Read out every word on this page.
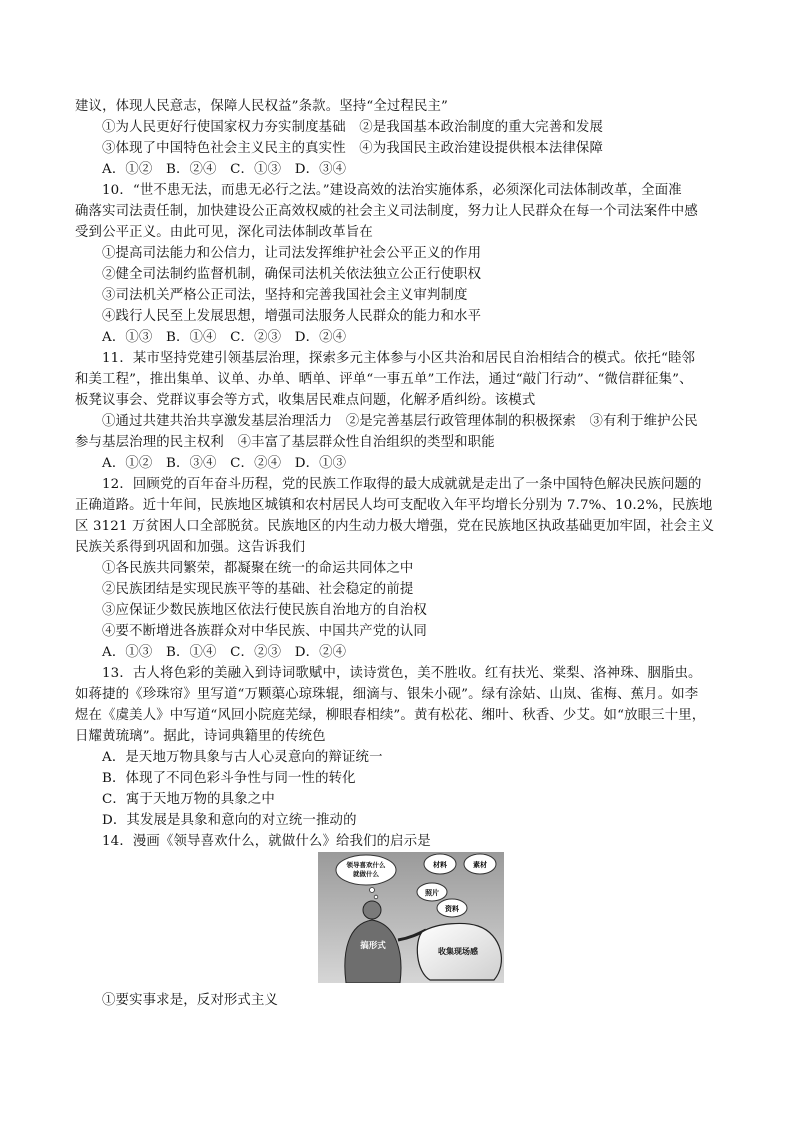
建议，体现人民意志，保障人民权益”条款。坚持“全过程民主”
①为人民更好行使国家权力夯实制度基础　②是我国基本政治制度的重大完善和发展
③体现了中国特色社会主义民主的真实性　④为我国民主政治建设提供根本法律保障
A．①②　B．②④　C．①③　D．③④
10．“世不患无法，而患无必行之法。”建设高效的法治实施体系，必须深化司法体制改革，全面准
确落实司法责任制，加快建设公正高效权威的社会主义司法制度，努力让人民群众在每一个司法案件中感
受到公平正义。由此可见，深化司法体制改革旨在
①提高司法能力和公信力，让司法发挥维护社会公平正义的作用
②健全司法制约监督机制，确保司法机关依法独立公正行使职权
③司法机关严格公正司法，坚持和完善我国社会主义审判制度
④践行人民至上发展思想，增强司法服务人民群众的能力和水平
A．①③　B．①④　C．②③　D．②④
11．某市坚持党建引领基层治理，探索多元主体参与小区共治和居民自治相结合的模式。依托“睦邻
和美工程”，推出集单、议单、办单、晒单、评单“一事五单”工作法，通过“敲门行动”、“微信群征集”、
板凳议事会、党群议事会等方式，收集居民难点问题，化解矛盾纠纷。该模式
①通过共建共治共享激发基层治理活力　②是完善基层行政管理体制的积极探索　③有利于维护公民
参与基层治理的民主权利　④丰富了基层群众性自治组织的类型和职能
A．①②　B．③④　C．②④　D．①③
12．回顾党的百年奋斗历程，党的民族工作取得的最大成就就是走出了一条中国特色解决民族问题的
正确道路。近十年间，民族地区城镇和农村居民人均可支配收入年平均增长分别为 7.7%、10.2%，民族地
区 3121 万贫困人口全部脱贫。民族地区的内生动力极大增强，党在民族地区执政基础更加牢固，社会主义
民族关系得到巩固和加强。这告诉我们
①各民族共同繁荣，都凝聚在统一的命运共同体之中
②民族团结是实现民族平等的基础、社会稳定的前提
③应保证少数民族地区依法行使民族自治地方的自治权
④要不断增进各族群众对中华民族、中国共产党的认同
A．①③　B．①④　C．②③　D．②④
13．古人将色彩的美融入到诗词歌赋中，读诗赏色，美不胜收。红有扶光、棠梨、洛神珠、胭脂虫。
如蒋捷的《珍珠帘》里写道“万颗蕖心琼珠辊，细滴与、银朱小砚”。绿有涂姑、山岚、雀梅、蕉月。如李
煜在《虞美人》中写道“风回小院庭芜绿，柳眼春相续”。黄有松花、缃叶、秋香、少艾。如“放眼三十里，
日耀黄琉璃”。据此，诗词典籍里的传统色
A．是天地万物具象与古人心灵意向的辩证统一
B．体现了不同色彩斗争性与同一性的转化
C．寓于天地万物的具象之中
D．其发展是具象和意向的对立统一推动的
14．漫画《领导喜欢什么，就做什么》给我们的启示是
领导喜欢什么
就做什么
材料	素材
照片
资料
搞形式
收集现场感
①要实事求是，反对形式主义
